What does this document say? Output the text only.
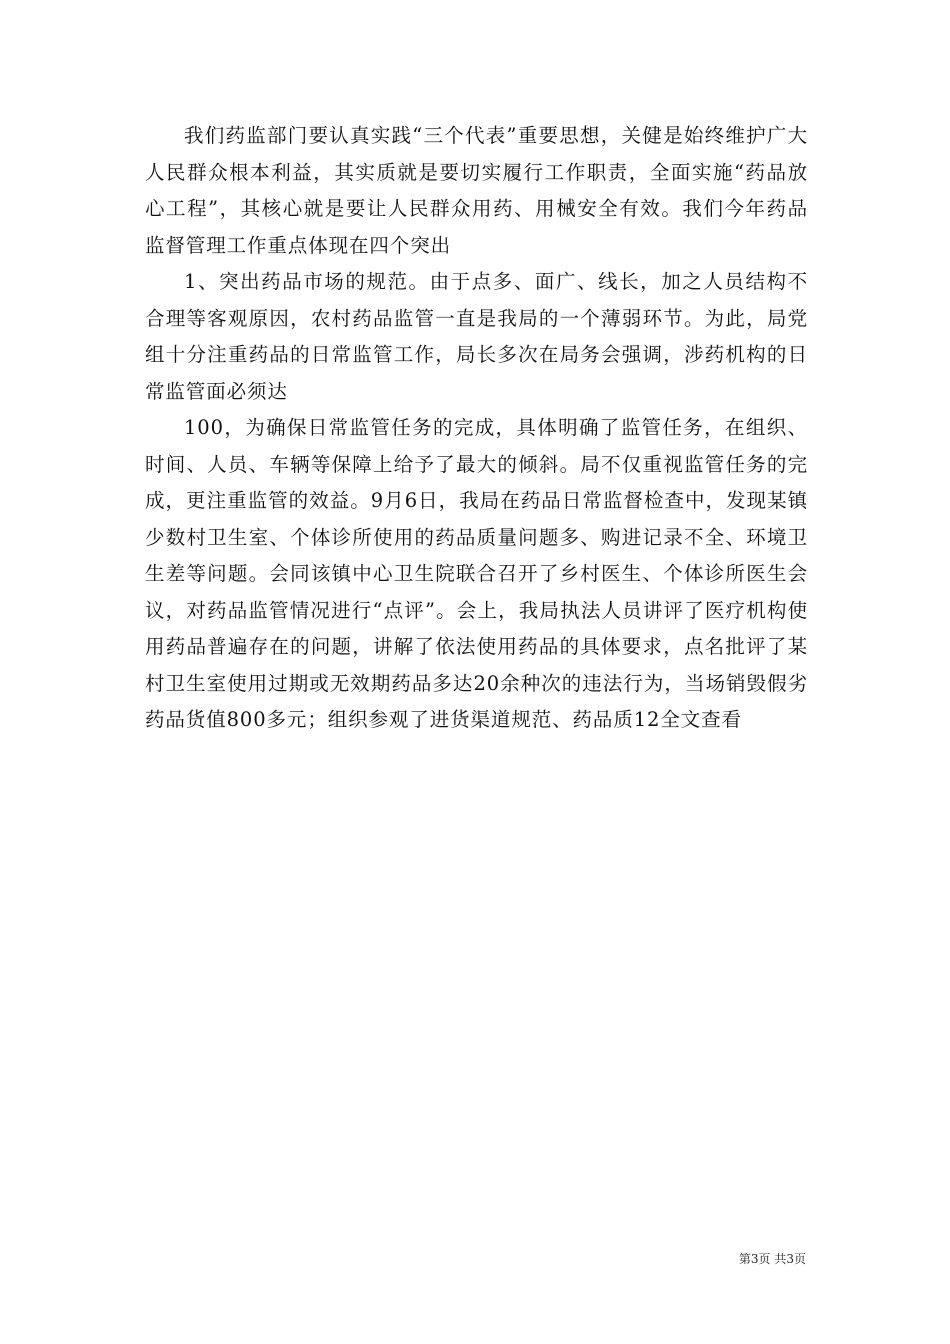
我们药监部门要认真实践“三个代表”重要思想，关健是始终维护广大人民群众根本利益，其实质就是要切实履行工作职责，全面实施“药品放心工程”，其核心就是要让人民群众用药、用械安全有效。我们今年药品监督管理工作重点体现在四个突出

1、突出药品市场的规范。由于点多、面广、线长，加之人员结构不合理等客观原因，农村药品监管一直是我局的一个薄弱环节。为此，局党组十分注重药品的日常监管工作，局长多次在局务会强调，涉药机构的日常监管面必须达

100，为确保日常监管任务的完成，具体明确了监管任务，在组织、时间、人员、车辆等保障上给予了最大的倾斜。局不仅重视监管任务的完成，更注重监管的效益。9月6日，我局在药品日常监督检查中，发现某镇少数村卫生室、个体诊所使用的药品质量问题多、购进记录不全、环境卫生差等问题。会同该镇中心卫生院联合召开了乡村医生、个体诊所医生会议，对药品监管情况进行“点评”。会上，我局执法人员讲评了医疗机构使用药品普遍存在的问题，讲解了依法使用药品的具体要求，点名批评了某村卫生室使用过期或无效期药品多达20余种次的违法行为，当场销毁假劣药品货值800多元；组织参观了进货渠道规范、药品质12全文查看

第3页 共3页
